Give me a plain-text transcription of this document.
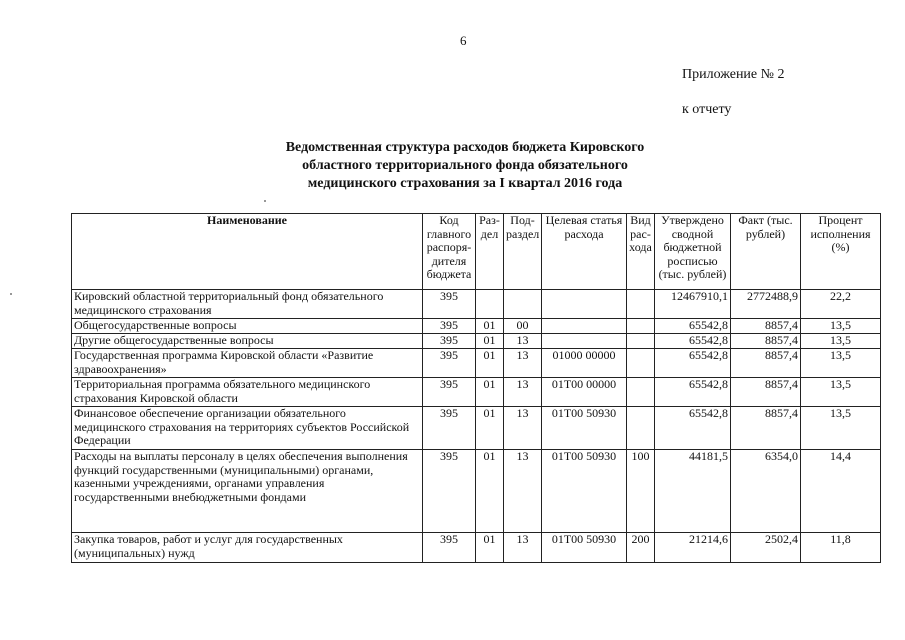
6
Приложение № 2
к отчету
Ведомственная структура расходов бюджета Кировского
областного территориального фонда обязательного
медицинского страхования за I квартал 2016 года
Наименование	Код главного распоря-дителя бюджета	Раз-дел	Под-раздел	Целевая статья расхода	Вид рас-хода	Утверждено сводной бюджетной росписью (тыс. рублей)	Факт (тыс. рублей)	Процент исполнения (%)
Кировский областной территориальный фонд обязательного медицинского страхования	395					12467910,1	2772488,9	22,2
Общегосударственные вопросы	395	01	00			65542,8	8857,4	13,5
Другие общегосударственные вопросы	395	01	13			65542,8	8857,4	13,5
Государственная программа Кировской области «Развитие здравоохранения»	395	01	13	01000 00000		65542,8	8857,4	13,5
Территориальная программа обязательного медицинского страхования Кировской области	395	01	13	01Т00 00000		65542,8	8857,4	13,5
Финансовое обеспечение организации обязательного медицинского страхования на территориях субъектов Российской Федерации	395	01	13	01Т00 50930		65542,8	8857,4	13,5
Расходы на выплаты персоналу в целях обеспечения выполнения функций государственными (муниципальными) органами, казенными учреждениями, органами управления государственными внебюджетными фондами	395	01	13	01Т00 50930	100	44181,5	6354,0	14,4
Закупка товаров, работ и услуг для государственных (муниципальных) нужд	395	01	13	01Т00 50930	200	21214,6	2502,4	11,8
